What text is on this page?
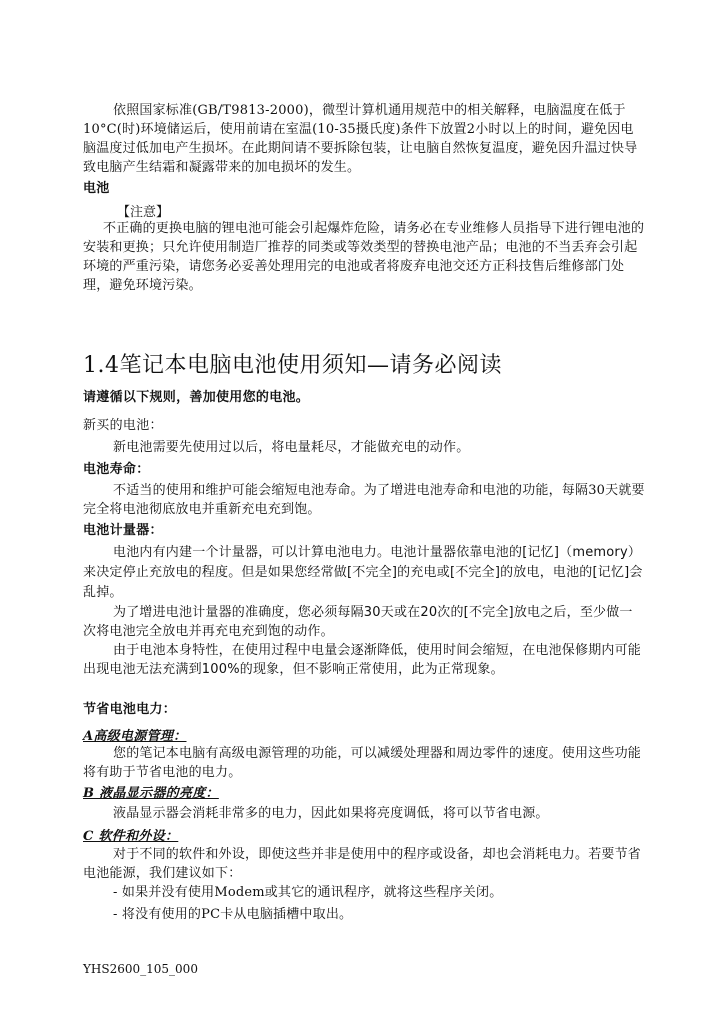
依照国家标准(GB/T9813-2000)，微型计算机通用规范中的相关解释，电脑温度在低于10°C(时)环境储运后，使用前请在室温(10-35摄氏度)条件下放置2小时以上的时间，避免因电脑温度过低加电产生损坏。在此期间请不要拆除包装，让电脑自然恢复温度，避免因升温过快导致电脑产生结霜和凝露带来的加电损坏的发生。

电池

【注意】

不正确的更换电脑的锂电池可能会引起爆炸危险，请务必在专业维修人员指导下进行锂电池的安装和更换；只允许使用制造厂推荐的同类或等效类型的替换电池产品；电池的不当丢弃会引起环境的严重污染，请您务必妥善处理用完的电池或者将废弃电池交还方正科技售后维修部门处理，避免环境污染。

1.4笔记本电脑电池使用须知—请务必阅读

请遵循以下规则，善加使用您的电池。

新买的电池：

新电池需要先使用过以后，将电量耗尽，才能做充电的动作。

电池寿命：

不适当的使用和维护可能会缩短电池寿命。为了增进电池寿命和电池的功能，每隔30天就要完全将电池彻底放电并重新充电充到饱。

电池计量器：

电池内有内建一个计量器，可以计算电池电力。电池计量器依靠电池的[记忆]（memory）来决定停止充放电的程度。但是如果您经常做[不完全]的充电或[不完全]的放电，电池的[记忆]会乱掉。

为了增进电池计量器的准确度，您必须每隔30天或在20次的[不完全]放电之后，至少做一次将电池完全放电并再充电充到饱的动作。

由于电池本身特性，在使用过程中电量会逐渐降低，使用时间会缩短，在电池保修期内可能出现电池无法充满到100%的现象，但不影响正常使用，此为正常现象。

节省电池电力：

A高级电源管理：

您的笔记本电脑有高级电源管理的功能，可以减缓处理器和周边零件的速度。使用这些功能将有助于节省电池的电力。

B 液晶显示器的亮度：

液晶显示器会消耗非常多的电力，因此如果将亮度调低，将可以节省电源。

C 软件和外设：

对于不同的软件和外设，即使这些并非是使用中的程序或设备，却也会消耗电力。若要节省电池能源，我们建议如下：

- 如果并没有使用Modem或其它的通讯程序，就将这些程序关闭。

- 将没有使用的PC卡从电脑插槽中取出。

YHS2600_105_000
